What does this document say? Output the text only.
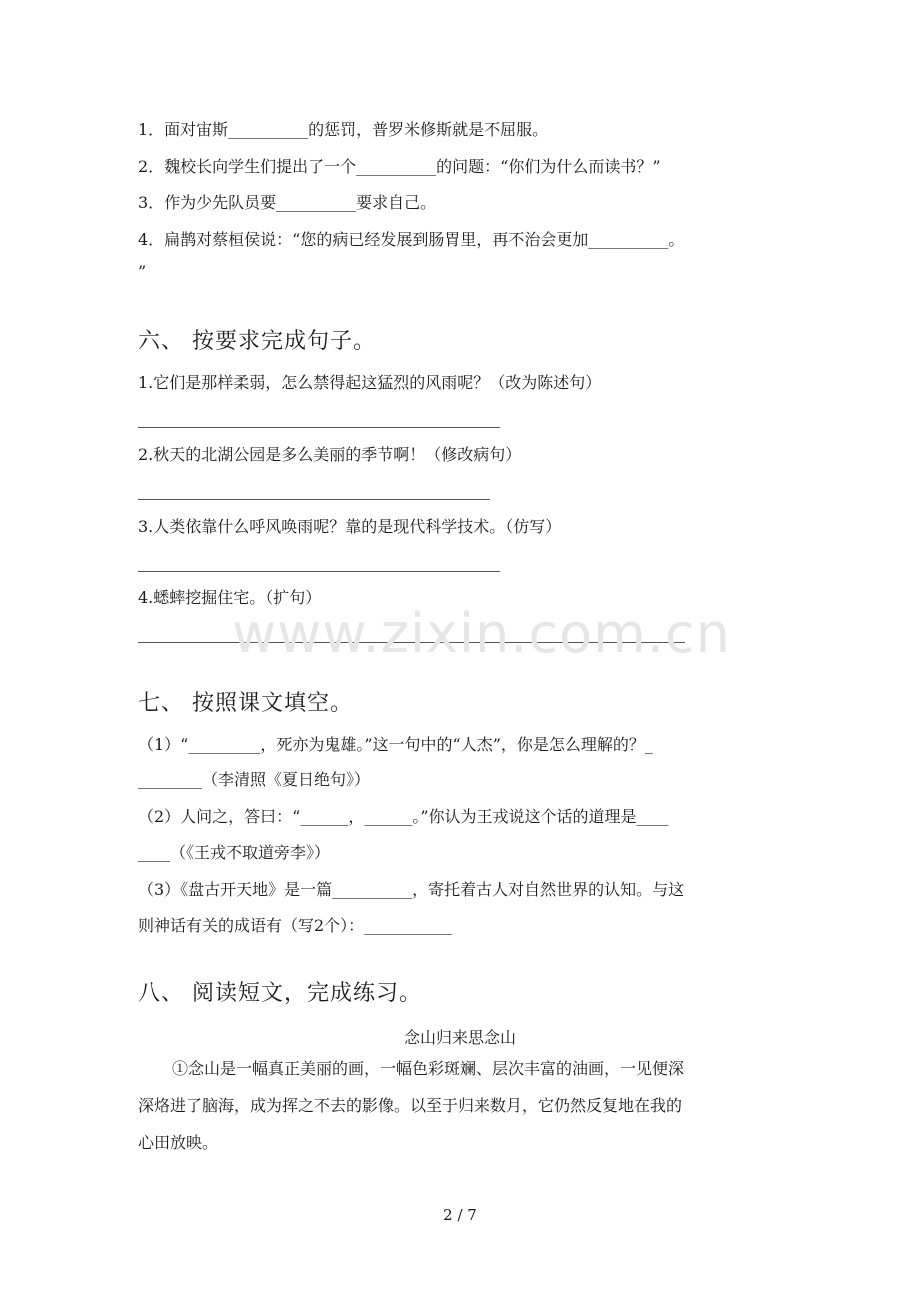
1．面对宙斯__________的惩罚，普罗米修斯就是不屈服。
2．魏校长向学生们提出了一个__________的问题：“你们为什么而读书？”
3．作为少先队员要__________要求自己。
4．扁鹊对蔡桓侯说：“您的病已经发展到肠胃里，再不治会更加__________。
”
六、 按要求完成句子。
1.它们是那样柔弱，怎么禁得起这猛烈的风雨呢？（改为陈述句）
2.秋天的北湖公园是多么美丽的季节啊！（修改病句）
3.人类依靠什么呼风唤雨呢？靠的是现代科学技术。（仿写）
4.蟋蟀挖掘住宅。（扩句）
www.zixin.com.cn
七、 按照课文填空。
（1）“_________，死亦为鬼雄。”这一句中的“人杰”，你是怎么理解的？_
________（李清照《夏日绝句》）
（2）人问之，答曰：“______，______。”你认为王戎说这个话的道理是____
____（《王戎不取道旁李》）
（3）《盘古开天地》是一篇__________，寄托着古人对自然世界的认知。与这
则神话有关的成语有（写2个）：___________
八、 阅读短文，完成练习。
念山归来思念山
①念山是一幅真正美丽的画，一幅色彩斑斓、层次丰富的油画，一见便深
深烙进了脑海，成为挥之不去的影像。以至于归来数月，它仍然反复地在我的
心田放映。
2 / 7
